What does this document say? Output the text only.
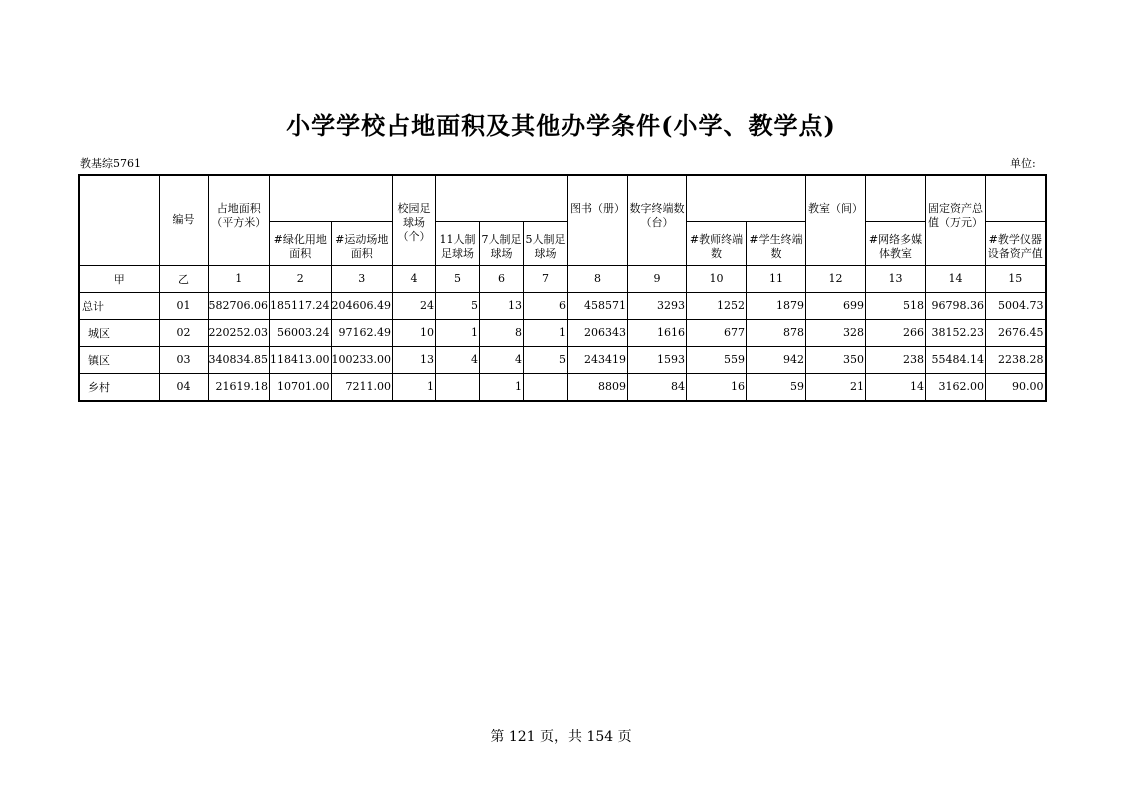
小学学校占地面积及其他办学条件(小学、教学点)
教基综5761	单位:
	编号	占地面积（平方米）			校园足球场（个）				图书（册）	数字终端数（台）			教室（间）		固定资产总值（万元）	
			#绿化用地面积	#运动场地面积		11人制足球场	7人制足球场	5人制足球场			#教师终端数	#学生终端数		#网络多媒体教室		#教学仪器设备资产值
甲	乙	1	2	3	4	5	6	7	8	9	10	11	12	13	14	15
总计	01	582706.06	185117.24	204606.49	24	5	13	6	458571	3293	1252	1879	699	518	96798.36	5004.73
城区	02	220252.03	56003.24	97162.49	10	1	8	1	206343	1616	677	878	328	266	38152.23	2676.45
镇区	03	340834.85	118413.00	100233.00	13	4	4	5	243419	1593	559	942	350	238	55484.14	2238.28
乡村	04	21619.18	10701.00	7211.00	1		1		8809	84	16	59	21	14	3162.00	90.00
第 121 页，共 154 页
